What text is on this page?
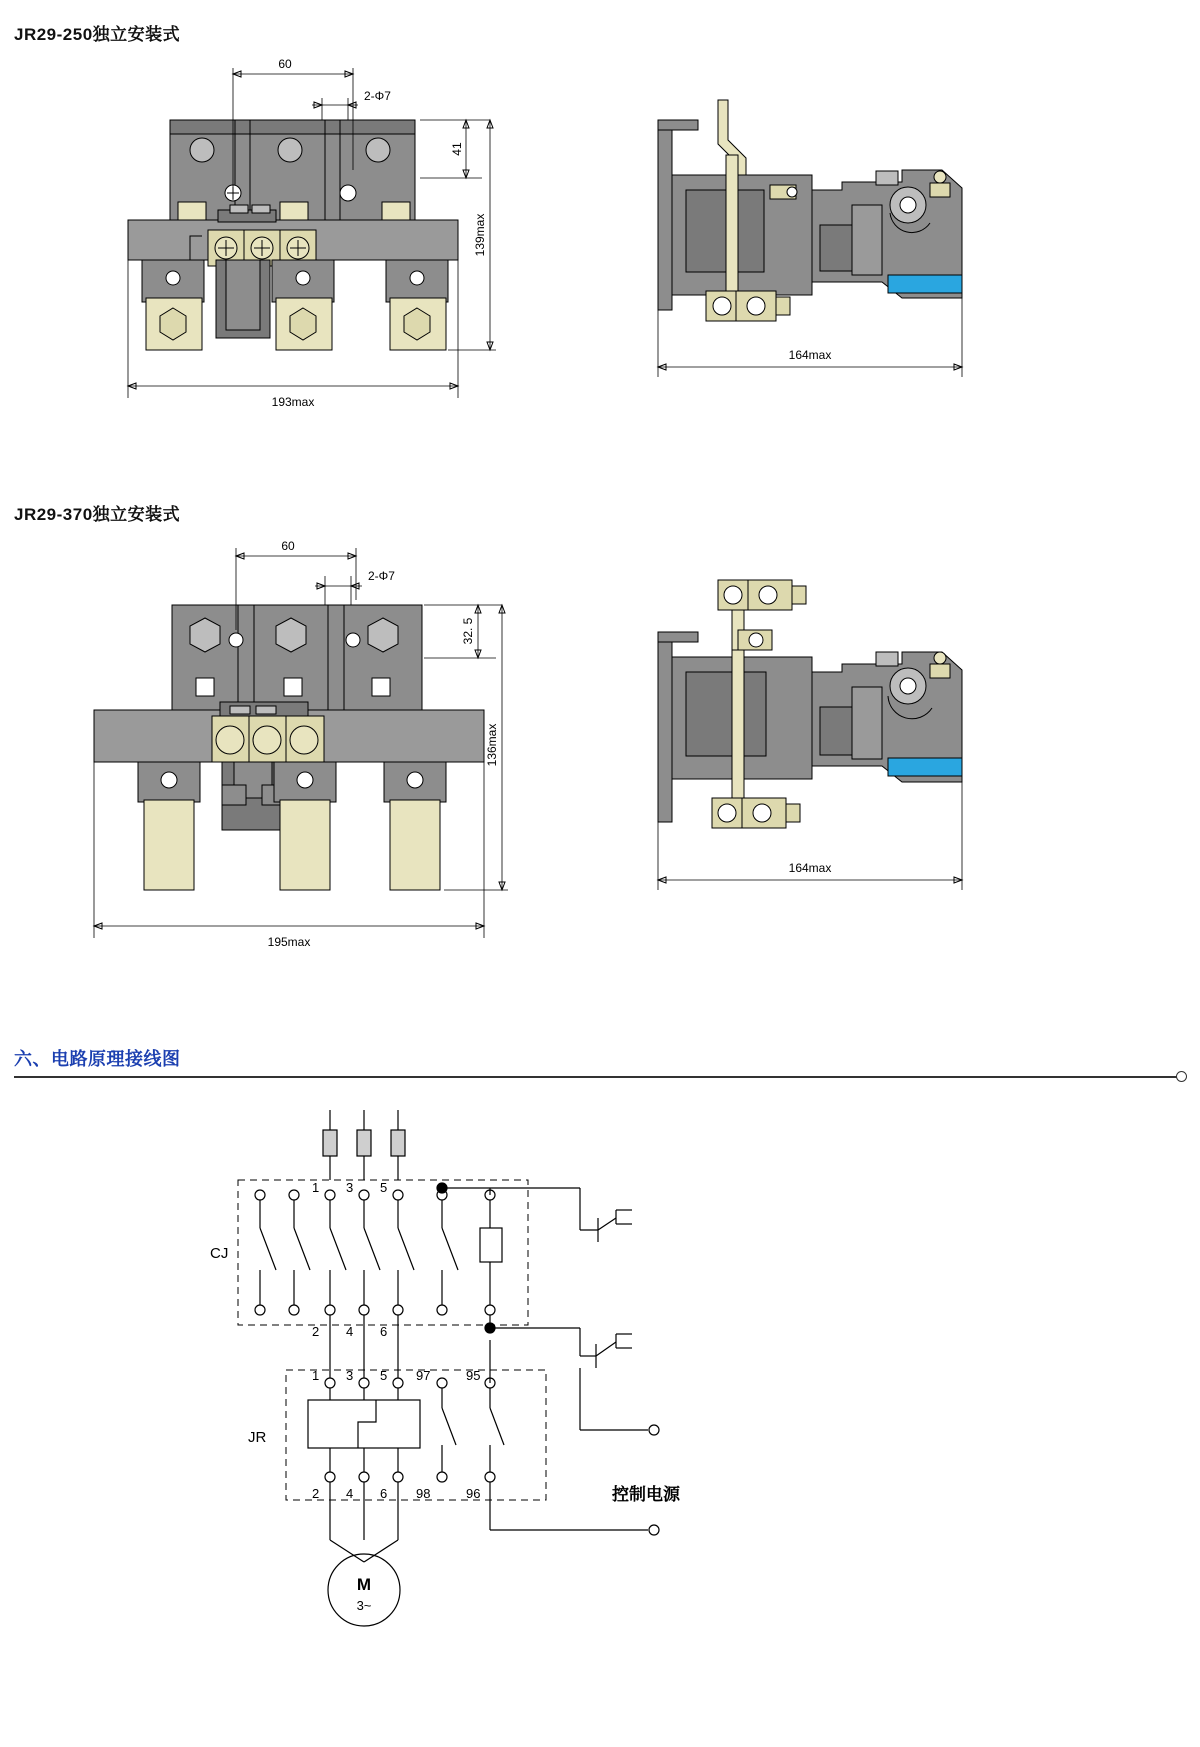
JR29-250独立安装式
60
2-Φ7
41
139max
193max
164max
JR29-370独立安装式
60
2-Φ7
32. 5
136max
195max
164max
六、电路原理接线图
CJ
1 3 5
2 4 6
JR
1 3 5
2 4 6
97	95
98	96	控制电源
M
3~
